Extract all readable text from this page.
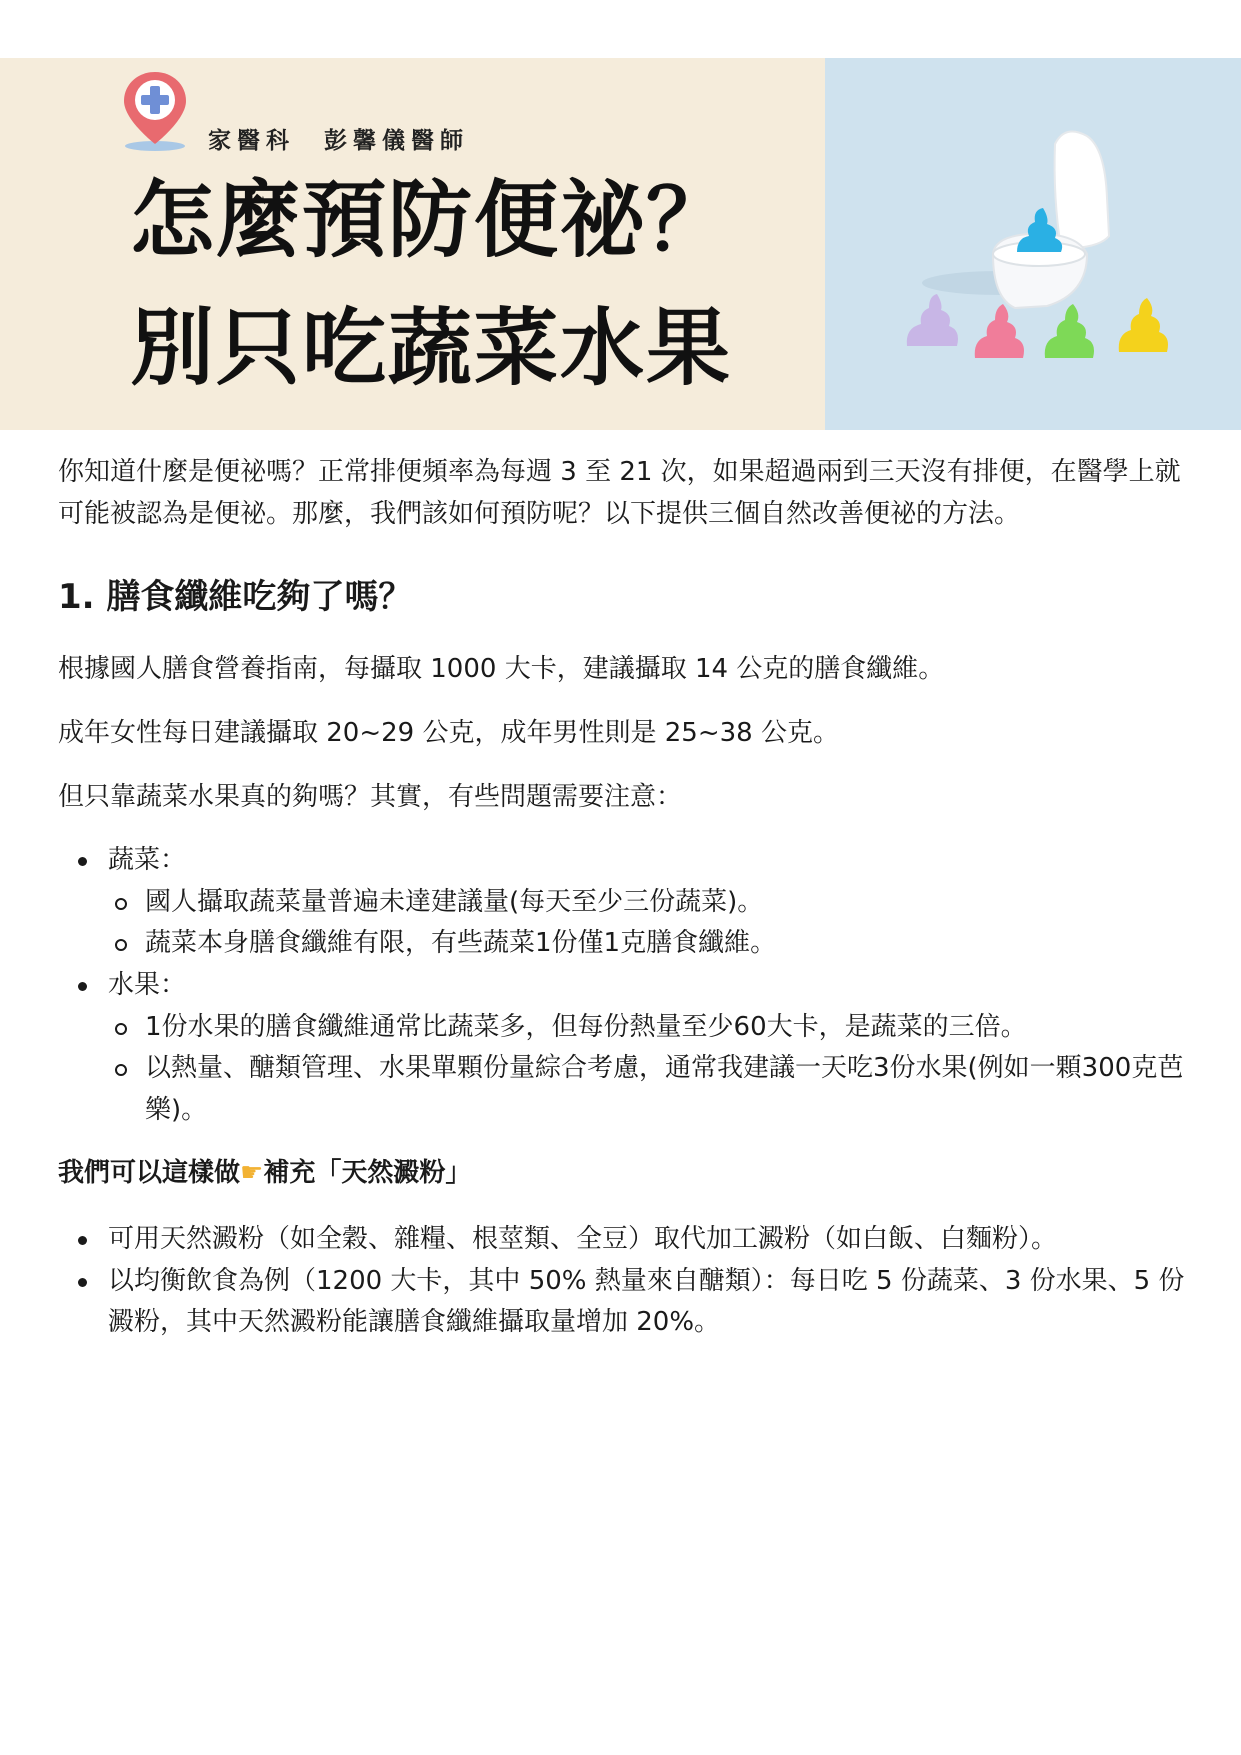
家醫科　彭馨儀醫師
怎麼預防便祕？
別只吃蔬菜水果

你知道什麼是便祕嗎？正常排便頻率為每週 3 至 21 次，如果超過兩到三天沒有排便，在醫學上就可能被認為是便祕。那麼，我們該如何預防呢？以下提供三個自然改善便祕的方法。

1. 膳食纖維吃夠了嗎？

根據國人膳食營養指南，每攝取 1000 大卡，建議攝取 14 公克的膳食纖維。

成年女性每日建議攝取 20~29 公克，成年男性則是 25~38 公克。

但只靠蔬菜水果真的夠嗎？其實，有些問題需要注意：

蔬菜：
國人攝取蔬菜量普遍未達建議量(每天至少三份蔬菜)。
蔬菜本身膳食纖維有限，有些蔬菜1份僅1克膳食纖維。
水果：
1份水果的膳食纖維通常比蔬菜多，但每份熱量至少60大卡，是蔬菜的三倍。
以熱量、醣類管理、水果單顆份量綜合考慮，通常我建議一天吃3份水果(例如一顆300克芭樂)。

我們可以這樣做☛補充「天然澱粉」

可用天然澱粉（如全穀、雜糧、根莖類、全豆）取代加工澱粉（如白飯、白麵粉）。
以均衡飲食為例（1200 大卡，其中 50% 熱量來自醣類）：每日吃 5 份蔬菜、3 份水果、5 份澱粉，其中天然澱粉能讓膳食纖維攝取量增加 20%。
